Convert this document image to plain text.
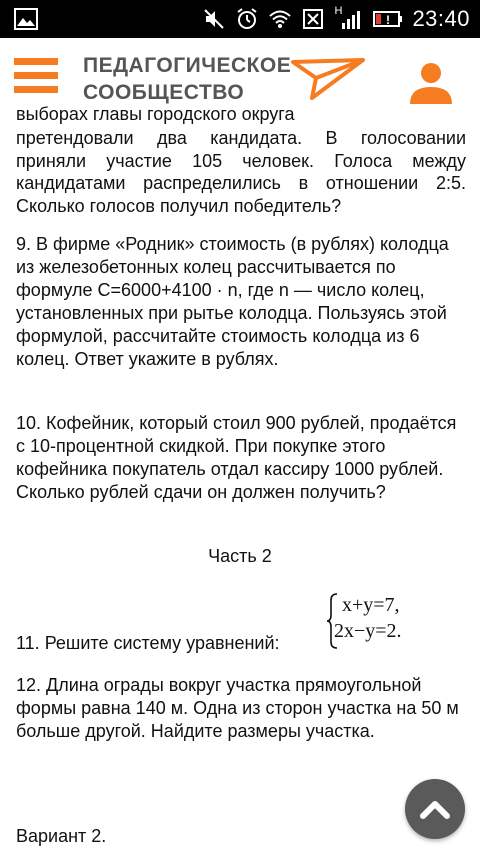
H
! 23:40
ПЕДАГОГИЧЕСКОЕ
СООБЩЕСТВО
выборах главы городского округа
претендовали два кандидата. В голосовании приняли участие 105 человек. Голоса между кандидатами распределились в отношении 2:5. Сколько голосов получил победитель?
9. В фирме «Родник» стоимость (в рублях) колодца из железобетонных колец рассчитывается по формуле C=6000+4100 · n, где n — число колец, установленных при рытье колодца. Пользуясь этой формулой, рассчитайте стоимость колодца из 6 колец. Ответ укажите в рублях.
10. Кофейник, который стоил 900 рублей, продаётся с 10-процентной скидкой. При покупке этого кофейника покупатель отдал кассиру 1000 рублей. Сколько рублей сдачи он должен получить?
Часть 2
11. Решите систему уравнений:
x+y=7,
2x−y=2.
12. Длина ограды вокруг участка прямоугольной формы равна 140 м. Одна из сторон участка на 50 м больше другой. Найдите размеры участка.
Вариант 2.
